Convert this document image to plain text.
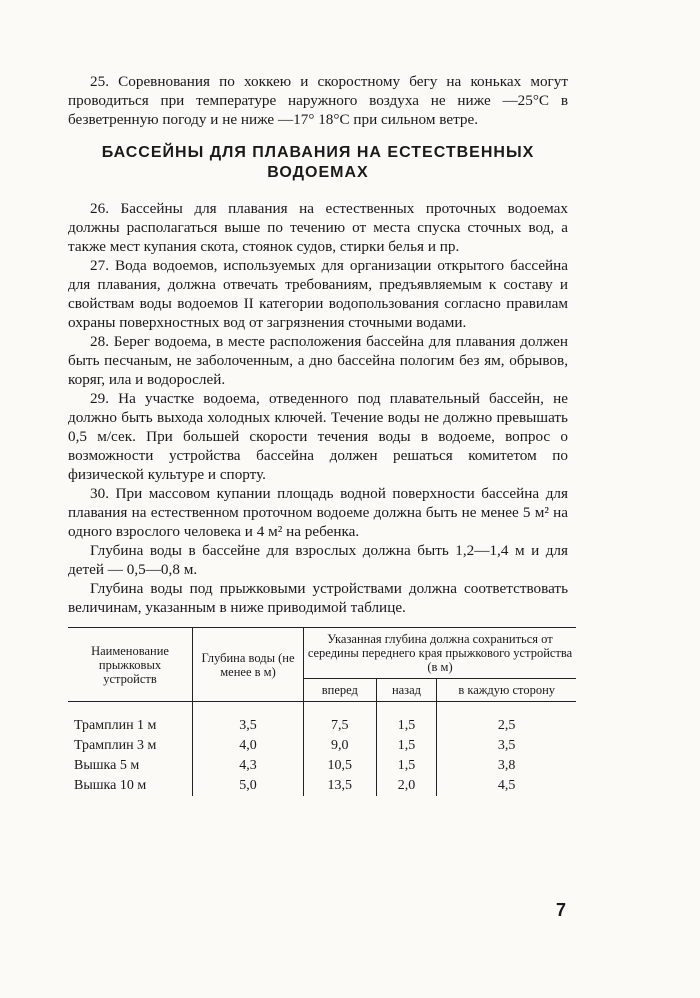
25. Соревнования по хоккею и скоростному бегу на коньках могут проводиться при температуре наружного воздуха не ниже —25°С в безветренную погоду и не ниже —17° 18°С при сильном ветре.

БАССЕЙНЫ ДЛЯ ПЛАВАНИЯ НА ЕСТЕСТВЕННЫХ ВОДОЕМАХ

26. Бассейны для плавания на естественных проточных водоемах должны располагаться выше по течению от места спуска сточных вод, а также мест купания скота, стоянок судов, стирки белья и пр.

27. Вода водоемов, используемых для организации открытого бассейна для плавания, должна отвечать требованиям, предъявляемым к составу и свойствам воды водоемов II категории водопользования согласно правилам охраны поверхностных вод от загрязнения сточными водами.

28. Берег водоема, в месте расположения бассейна для плавания должен быть песчаным, не заболоченным, а дно бассейна пологим без ям, обрывов, коряг, ила и водорослей.

29. На участке водоема, отведенного под плавательный бассейн, не должно быть выхода холодных ключей. Течение воды не должно превышать 0,5 м/сек. При большей скорости течения воды в водоеме, вопрос о возможности устройства бассейна должен решаться комитетом по физической культуре и спорту.

30. При массовом купании площадь водной поверхности бассейна для плавания на естественном проточном водоеме должна быть не менее 5 м² на одного взрослого человека и 4 м² на ребенка.

Глубина воды в бассейне для взрослых должна быть 1,2—1,4 м и для детей — 0,5—0,8 м.

Глубина воды под прыжковыми устройствами должна соответствовать величинам, указанным в ниже приводимой таблице.

Наименование прыжковых устройств	Глубина воды (не менее в м)	Указанная глубина должна сохраниться от середины переднего края прыжкового устройства (в м)		
		вперед	назад	в каждую сторону

Трамплин 1 м	3,5	7,5	1,5	2,5
Трамплин 3 м	4,0	9,0	1,5	3,5
Вышка 5 м	4,3	10,5	1,5	3,8
Вышка 10 м	5,0	13,5	2,0	4,5
7
